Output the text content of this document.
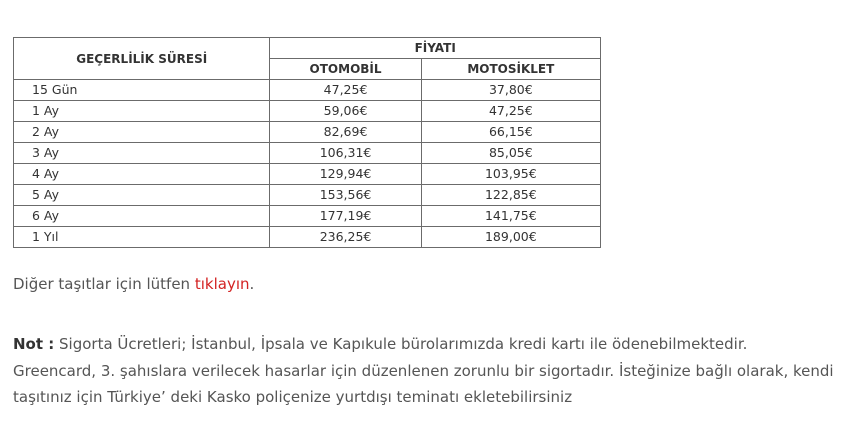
GEÇERLİLİK SÜRESİ	FİYATI	
	OTOMOBİL	MOTOSİKLET
15 Gün	47,25€	37,80€
1 Ay	59,06€	47,25€
2 Ay	82,69€	66,15€
3 Ay	106,31€	85,05€
4 Ay	129,94€	103,95€
5 Ay	153,56€	122,85€
6 Ay	177,19€	141,75€
1 Yıl	236,25€	189,00€

Diğer taşıtlar için lütfen tıklayın.

Not : Sigorta Ücretleri; İstanbul, İpsala ve Kapıkule bürolarımızda kredi kartı ile ödenebilmektedir.
Greencard, 3. şahıslara verilecek hasarlar için düzenlenen zorunlu bir sigortadır. İsteğinize bağlı olarak, kendi taşıtınız için Türkiye’ deki Kasko poliçenize yurtdışı teminatı ekletebilirsiniz
